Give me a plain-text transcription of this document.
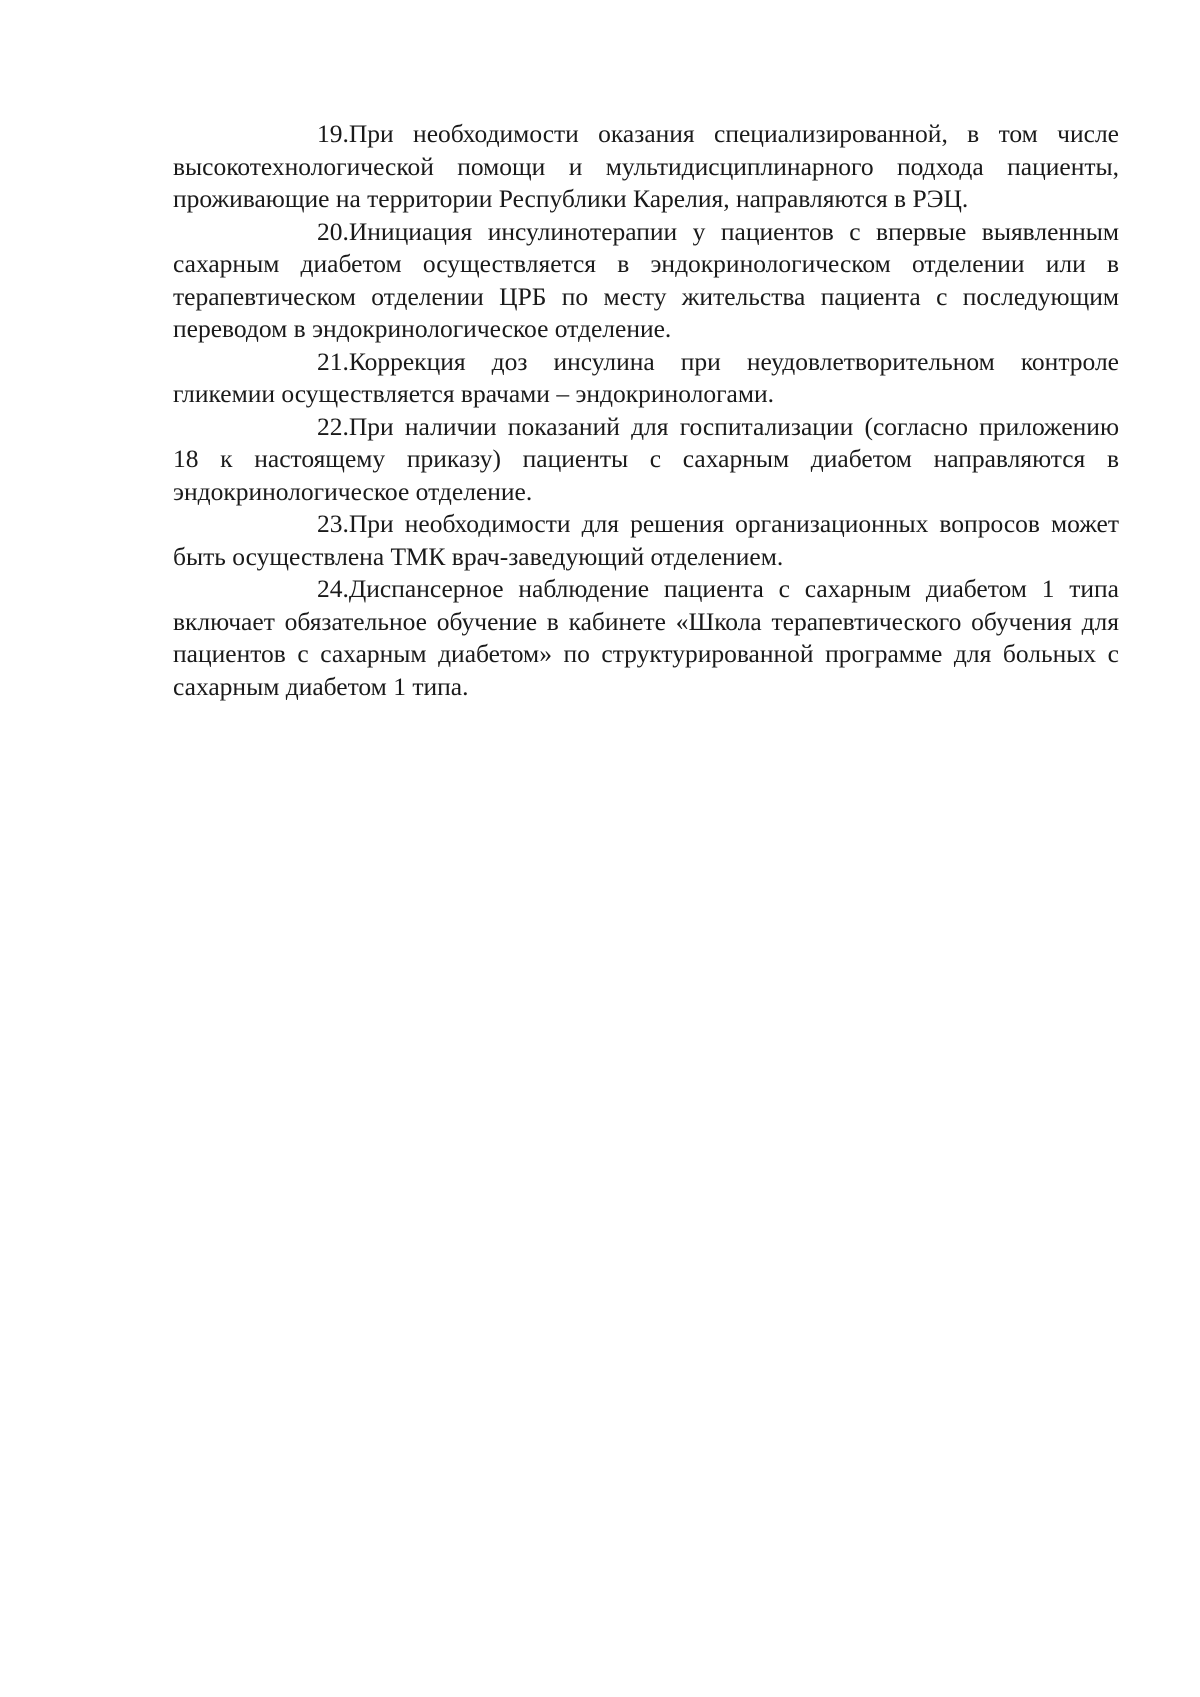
19.При необходимости оказания специализированной, в том числе высокотехнологической помощи и мультидисциплинарного подхода пациенты, проживающие на территории Республики Карелия, направляются в РЭЦ.

20.Инициация инсулинотерапии у пациентов с впервые выявленным сахарным диабетом осуществляется в эндокринологическом отделении или в терапевтическом отделении ЦРБ по месту жительства пациента с последующим переводом в эндокринологическое отделение.

21.Коррекция доз инсулина при неудовлетворительном контроле гликемии осуществляется врачами – эндокринологами.

22.При наличии показаний для госпитализации (согласно приложению 18 к настоящему приказу) пациенты с сахарным диабетом направляются в эндокринологическое отделение.

23.При необходимости для решения организационных вопросов может быть осуществлена ТМК врач-заведующий отделением.

24.Диспансерное наблюдение пациента с сахарным диабетом 1 типа включает обязательное обучение в кабинете «Школа терапевтического обучения для пациентов с сахарным диабетом» по структурированной программе для больных с сахарным диабетом 1 типа.
